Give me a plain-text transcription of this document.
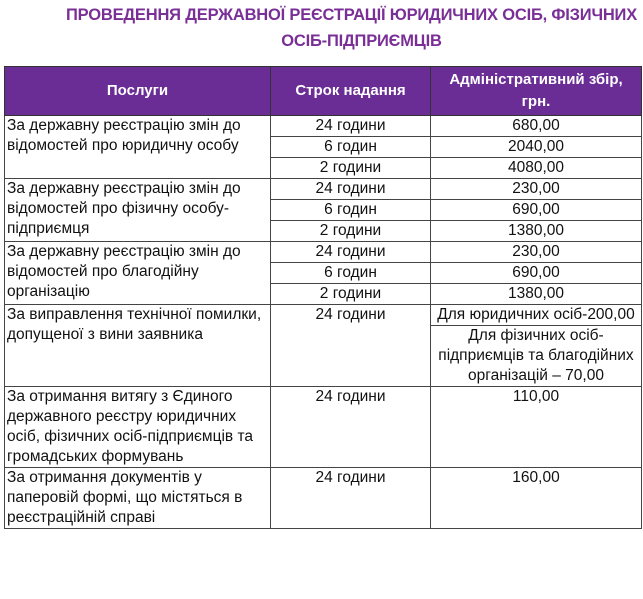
ПРОВЕДЕННЯ ДЕРЖАВНОЇ РЕЄСТРАЦІЇ ЮРИДИЧНИХ ОСІБ, ФІЗИЧНИХ
ОСІБ-ПІДПРИЄМЦІВ
Послуги	Строк надання	Адміністративний збір, грн.
За державну реєстрацію змін до відомостей про юридичну особу	24 години	680,00
	6 годин	2040,00
	2 години	4080,00
За державну реєстрацію змін до відомостей про фізичну особу-підприємця	24 години	230,00
	6 годин	690,00
	2 години	1380,00
За державну реєстрацію змін до відомостей про благодійну організацію	24 години	230,00
	6 годин	690,00
	2 години	1380,00
За виправлення технічної помилки, допущеної з вини заявника	24 години	Для юридичних осіб-200,00
		Для фізичних осіб-підприємців та благодійних організацій – 70,00
За отримання витягу з Єдиного державного реєстру юридичних осіб, фізичних осіб-підприємців та громадських формувань	24 години	110,00
За отримання документів у паперовій формі, що містяться в реєстраційній справі	24 години	160,00
